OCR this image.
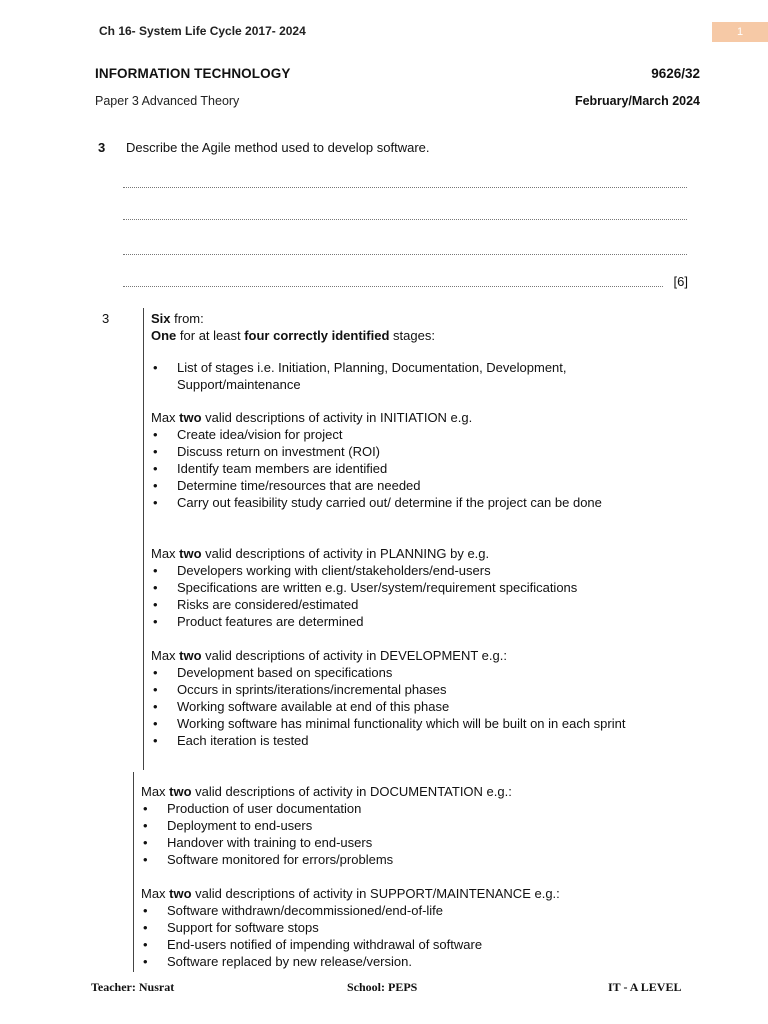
Ch 16- System Life Cycle 2017- 2024	1
INFORMATION TECHNOLOGY	9626/32
Paper 3 Advanced Theory	February/March 2024
3 Describe the Agile method used to develop software.
[6]
3	Six from:

One for at least four correctly identified stages:

• List of stages i.e. Initiation, Planning, Documentation, Development, Support/maintenance

Max two valid descriptions of activity in INITIATION e.g.

• Create idea/vision for project
• Discuss return on investment (ROI)
• Identify team members are identified
• Determine time/resources that are needed
• Carry out feasibility study carried out/ determine if the project can be done

Max two valid descriptions of activity in PLANNING by e.g.

• Developers working with client/stakeholders/end-users
• Specifications are written e.g. User/system/requirement specifications
• Risks are considered/estimated
• Product features are determined

Max two valid descriptions of activity in DEVELOPMENT e.g.:

• Development based on specifications
• Occurs in sprints/iterations/incremental phases
• Working software available at end of this phase
• Working software has minimal functionality which will be built on in each sprint
• Each iteration is tested

Max two valid descriptions of activity in DOCUMENTATION e.g.:

• Production of user documentation
• Deployment to end-users
• Handover with training to end-users
• Software monitored for errors/problems

Max two valid descriptions of activity in SUPPORT/MAINTENANCE e.g.:

• Software withdrawn/decommissioned/end-of-life
• Support for software stops
• End-users notified of impending withdrawal of software
• Software replaced by new release/version.
Teacher: Nusrat	School: PEPS	IT - A LEVEL
